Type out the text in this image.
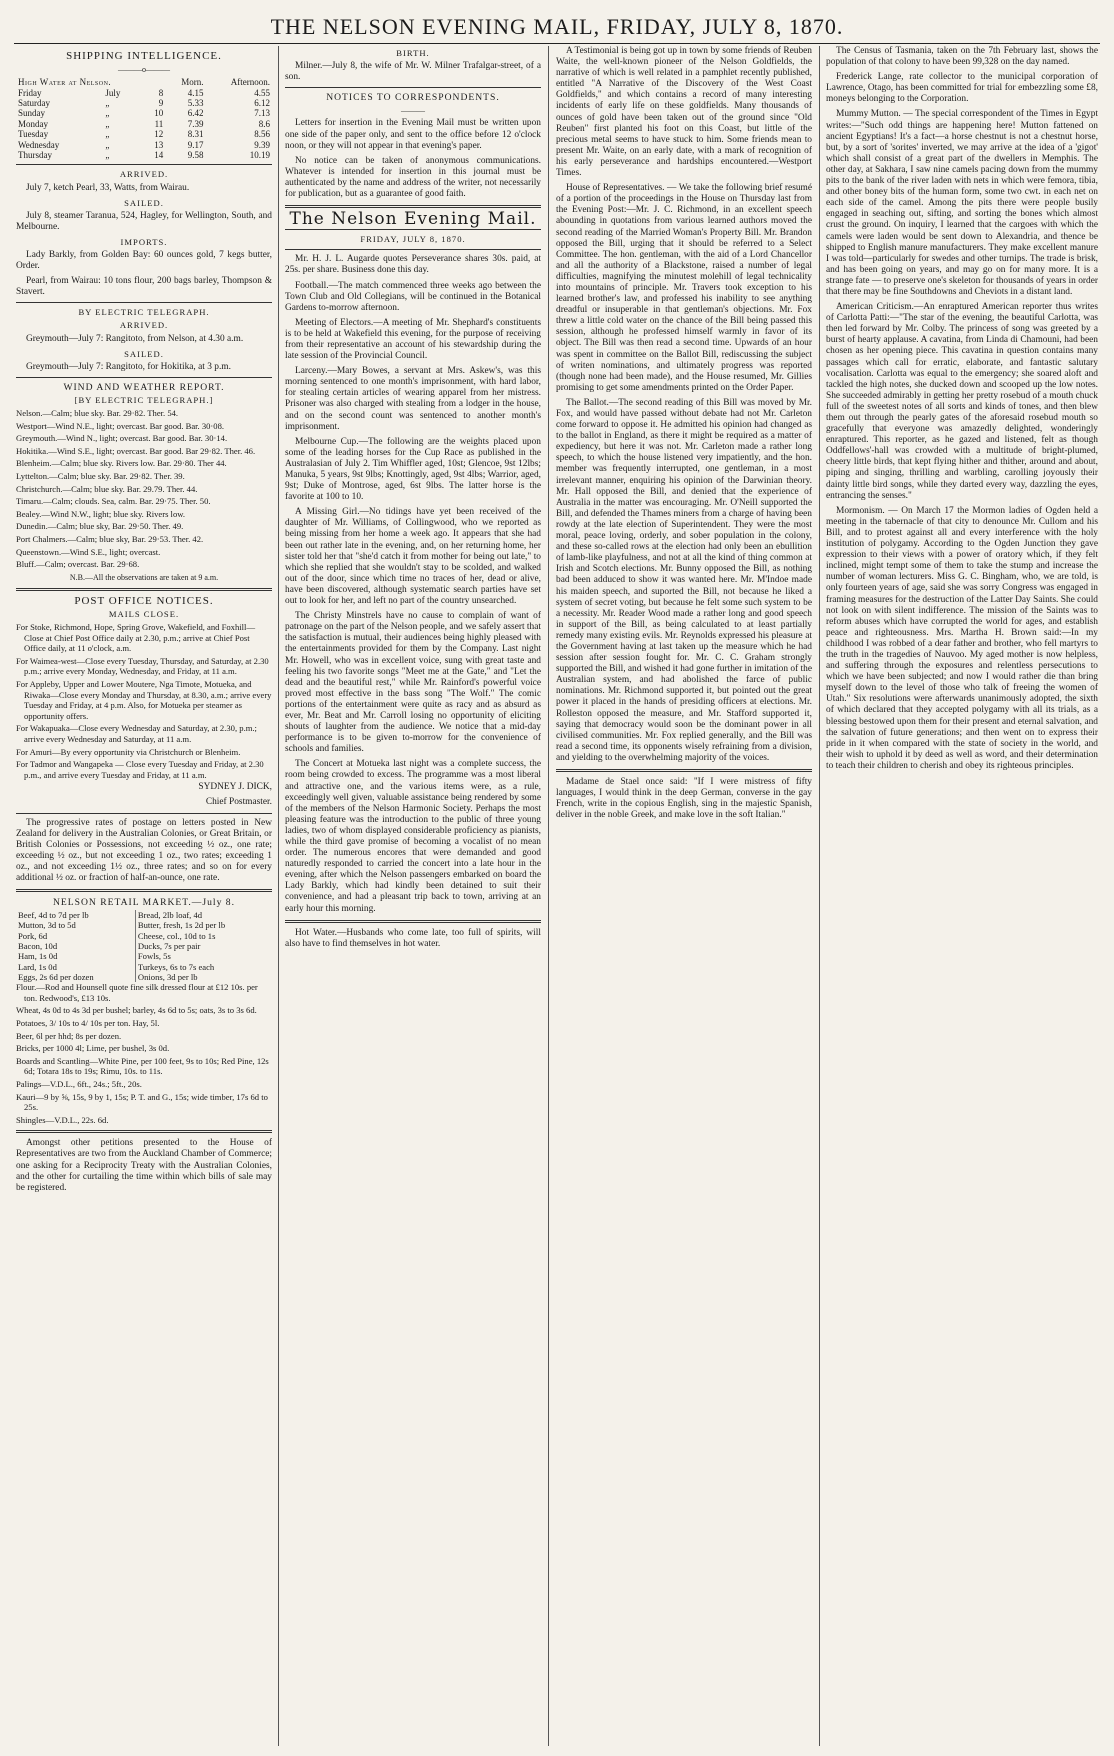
THE NELSON EVENING MAIL, FRIDAY, JULY 8, 1870.
SHIPPING INTELLIGENCE.
———o———
High Water at Nelson.			Morn.	Afternoon.
Friday	July	8	4.15	4.55
Saturday	„	9	5.33	6.12
Sunday	„	10	6.42	7.13
Monday	„	11	7.39	8.6
Tuesday	„	12	8.31	8.56
Wednesday	„	13	9.17	9.39
Thursday	„	14	9.58	10.19
ARRIVED.

July 7, ketch Pearl, 33, Watts, from Wairau.

SAILED.

July 8, steamer Taranua, 524, Hagley, for Wellington, South, and Melbourne.

IMPORTS.

Lady Barkly, from Golden Bay: 60 ounces gold, 7 kegs butter, Order.

Pearl, from Wairau: 10 tons flour, 200 bags barley, Thompson & Stavert.

BY ELECTRIC TELEGRAPH.
ARRIVED.

Greymouth—July 7: Rangitoto, from Nelson, at 4.30 a.m.

SAILED.

Greymouth—July 7: Rangitoto, for Hokitika, at 3 p.m.

WIND AND WEATHER REPORT.
[BY ELECTRIC TELEGRAPH.]

Nelson.—Calm; blue sky. Bar. 29·82. Ther. 54.

Westport—Wind N.E., light; overcast. Bar good. Bar. 30·08.

Greymouth.—Wind N., light; overcast. Bar good. Bar. 30·14.

Hokitika.—Wind S.E., light; overcast. Bar good. Bar 29·82. Ther. 46.

Blenheim.—Calm; blue sky. Rivers low. Bar. 29·80. Ther 44.

Lyttelton.—Calm; blue sky. Bar. 29·82. Ther. 39.

Christchurch.—Calm; blue sky. Bar. 29.79. Ther. 44.

Timaru.—Calm; clouds. Sea, calm. Bar. 29·75. Ther. 50.

Bealey.—Wind N.W., light; blue sky. Rivers low.

Dunedin.—Calm; blue sky, Bar. 29·50. Ther. 49.

Port Chalmers.—Calm; blue sky, Bar. 29·53. Ther. 42.

Queenstown.—Wind S.E., light; overcast.

Bluff.—Calm; overcast. Bar. 29·68.

N.B.—All the observations are taken at 9 a.m.

POST OFFICE NOTICES.
MAILS CLOSE.

For Stoke, Richmond, Hope, Spring Grove, Wakefield, and Foxhill—Close at Chief Post Office daily at 2.30, p.m.; arrive at Chief Post Office daily, at 11 o'clock, a.m.

For Waimea-west—Close every Tuesday, Thursday, and Saturday, at 2.30 p.m.; arrive every Monday, Wednesday, and Friday, at 11 a.m.

For Appleby, Upper and Lower Moutere, Nga Timote, Motueka, and Riwaka—Close every Monday and Thursday, at 8.30, a.m.; arrive every Tuesday and Friday, at 4 p.m. Also, for Motueka per steamer as opportunity offers.

For Wakapuaka—Close every Wednesday and Saturday, at 2.30, p.m.; arrive every Wednesday and Saturday, at 11 a.m.

For Amuri—By every opportunity via Christchurch or Blenheim.

For Tadmor and Wangapeka — Close every Tuesday and Friday, at 2.30 p.m., and arrive every Tuesday and Friday, at 11 a.m.

SYDNEY J. DICK,

Chief Postmaster.

The progressive rates of postage on letters posted in New Zealand for delivery in the Australian Colonies, or Great Britain, or British Colonies or Possessions, not exceeding ½ oz., one rate; exceeding ½ oz., but not exceeding 1 oz., two rates; exceeding 1 oz., and not exceeding 1½ oz., three rates; and so on for every additional ½ oz. or fraction of half-an-ounce, one rate.

NELSON RETAIL MARKET.—July 8.
Beef, 4d to 7d per lb	Bread, 2lb loaf, 4d
Mutton, 3d to 5d	Butter, fresh, 1s 2d per lb
Pork, 6d	Cheese, col., 10d to 1s
Bacon, 10d	Ducks, 7s per pair
Ham, 1s 0d	Fowls, 5s
Lard, 1s 0d	Turkeys, 6s to 7s each
Eggs, 2s 6d per dozen	Onions, 3d per lb

Flour.—Rod and Hounsell quote fine silk dressed flour at £12 10s. per ton. Redwood's, £13 10s.

Wheat, 4s 0d to 4s 3d per bushel; barley, 4s 6d to 5s; oats, 3s to 3s 6d.

Potatoes, 3/ 10s to 4/ 10s per ton. Hay, 5l.

Beer, 6l per hhd; 8s per dozen.

Bricks, per 1000 4l; Lime, per bushel, 3s 0d.

Boards and Scantling—White Pine, per 100 feet, 9s to 10s; Red Pine, 12s 6d; Totara 18s to 19s; Rimu, 10s. to 11s.

Palings—V.D.L., 6ft., 24s.; 5ft., 20s.

Kauri—9 by ⅝, 15s, 9 by 1, 15s; P. T. and G., 15s; wide timber, 17s 6d to 25s.

Shingles—V.D.L., 22s. 6d.

Amongst other petitions presented to the House of Representatives are two from the Auckland Chamber of Commerce; one asking for a Reciprocity Treaty with the Australian Colonies, and the other for curtailing the time within which bills of sale may be registered.

BIRTH.

Milner.—July 8, the wife of Mr. W. Milner Trafalgar-street, of a son.

NOTICES TO CORRESPONDENTS.
———

Letters for insertion in the Evening Mail must be written upon one side of the paper only, and sent to the office before 12 o'clock noon, or they will not appear in that evening's paper.

No notice can be taken of anonymous communications. Whatever is intended for insertion in this journal must be authenticated by the name and address of the writer, not necessarily for publication, but as a guarantee of good faith.

The Nelson Evening Mail.
FRIDAY, JULY 8, 1870.

Mr. H. J. L. Augarde quotes Perseverance shares 30s. paid, at 25s. per share. Business done this day.

Football.—The match commenced three weeks ago between the Town Club and Old Collegians, will be continued in the Botanical Gardens to-morrow afternoon.

Meeting of Electors.—A meeting of Mr. Shephard's constituents is to be held at Wakefield this evening, for the purpose of receiving from their representative an account of his stewardship during the late session of the Provincial Council.

Larceny.—Mary Bowes, a servant at Mrs. Askew's, was this morning sentenced to one month's imprisonment, with hard labor, for stealing certain articles of wearing apparel from her mistress. Prisoner was also charged with stealing from a lodger in the house, and on the second count was sentenced to another month's imprisonment.

Melbourne Cup.—The following are the weights placed upon some of the leading horses for the Cup Race as published in the Australasian of July 2. Tim Whiffler aged, 10st; Glencoe, 9st 12lbs; Manuka, 5 years, 9st 9lbs; Knottingly, aged, 9st 4lbs; Warrior, aged, 9st; Duke of Montrose, aged, 6st 9lbs. The latter horse is the favorite at 100 to 10.

A Missing Girl.—No tidings have yet been received of the daughter of Mr. Williams, of Collingwood, who we reported as being missing from her home a week ago. It appears that she had been out rather late in the evening, and, on her returning home, her sister told her that "she'd catch it from mother for being out late," to which she replied that she wouldn't stay to be scolded, and walked out of the door, since which time no traces of her, dead or alive, have been discovered, although systematic search parties have set out to look for her, and left no part of the country unsearched.

The Christy Minstrels have no cause to complain of want of patronage on the part of the Nelson people, and we safely assert that the satisfaction is mutual, their audiences being highly pleased with the entertainments provided for them by the Company. Last night Mr. Howell, who was in excellent voice, sung with great taste and feeling his two favorite songs "Meet me at the Gate," and "Let the dead and the beautiful rest," while Mr. Rainford's powerful voice proved most effective in the bass song "The Wolf." The comic portions of the entertainment were quite as racy and as absurd as ever, Mr. Beat and Mr. Carroll losing no opportunity of eliciting shouts of laughter from the audience. We notice that a mid-day performance is to be given to-morrow for the convenience of schools and families.

The Concert at Motueka last night was a complete success, the room being crowded to excess. The programme was a most liberal and attractive one, and the various items were, as a rule, exceedingly well given, valuable assistance being rendered by some of the members of the Nelson Harmonic Society. Perhaps the most pleasing feature was the introduction to the public of three young ladies, two of whom displayed considerable proficiency as pianists, while the third gave promise of becoming a vocalist of no mean order. The numerous encores that were demanded and good naturedly responded to carried the concert into a late hour in the evening, after which the Nelson passengers embarked on board the Lady Barkly, which had kindly been detained to suit their convenience, and had a pleasant trip back to town, arriving at an early hour this morning.

Hot Water.—Husbands who come late, too full of spirits, will also have to find themselves in hot water.

A Testimonial is being got up in town by some friends of Reuben Waite, the well-known pioneer of the Nelson Goldfields, the narrative of which is well related in a pamphlet recently published, entitled "A Narrative of the Discovery of the West Coast Goldfields," and which contains a record of many interesting incidents of early life on these goldfields. Many thousands of ounces of gold have been taken out of the ground since "Old Reuben" first planted his foot on this Coast, but little of the precious metal seems to have stuck to him. Some friends mean to present Mr. Waite, on an early date, with a mark of recognition of his early perseverance and hardships encountered.—Westport Times.

House of Representatives. — We take the following brief resumé of a portion of the proceedings in the House on Thursday last from the Evening Post:—Mr. J. C. Richmond, in an excellent speech abounding in quotations from various learned authors moved the second reading of the Married Woman's Property Bill. Mr. Brandon opposed the Bill, urging that it should be referred to a Select Committee. The hon. gentleman, with the aid of a Lord Chancellor and all the authority of a Blackstone, raised a number of legal difficulties, magnifying the minutest molehill of legal technicality into mountains of principle. Mr. Travers took exception to his learned brother's law, and professed his inability to see anything dreadful or insuperable in that gentleman's objections. Mr. Fox threw a little cold water on the chance of the Bill being passed this session, although he professed himself warmly in favor of its object. The Bill was then read a second time. Upwards of an hour was spent in committee on the Ballot Bill, rediscussing the subject of writen nominations, and ultimately progress was reported (though none had been made), and the House resumed, Mr. Gillies promising to get some amendments printed on the Order Paper.

The Ballot.—The second reading of this Bill was moved by Mr. Fox, and would have passed without debate had not Mr. Carleton come forward to oppose it. He admitted his opinion had changed as to the ballot in England, as there it might be required as a matter of expediency, but here it was not. Mr. Carleton made a rather long speech, to which the house listened very impatiently, and the hon. member was frequently interrupted, one gentleman, in a most irrelevant manner, enquiring his opinion of the Darwinian theory. Mr. Hall opposed the Bill, and denied that the experience of Australia in the matter was encouraging. Mr. O'Neill supported the Bill, and defended the Thames miners from a charge of having been rowdy at the late election of Superintendent. They were the most moral, peace loving, orderly, and sober population in the colony, and these so-called rows at the election had only been an ebullition of lamb-like playfulness, and not at all the kind of thing common at Irish and Scotch elections. Mr. Bunny opposed the Bill, as nothing bad been adduced to show it was wanted here. Mr. M'Indoe made his maiden speech, and suported the Bill, not because he liked a system of secret voting, but because he felt some such system to be a necessity. Mr. Reader Wood made a rather long and good speech in support of the Bill, as being calculated to at least partially remedy many existing evils. Mr. Reynolds expressed his pleasure at the Government having at last taken up the measure which he had session after session fought for. Mr. C. C. Graham strongly supported the Bill, and wished it had gone further in imitation of the Australian system, and had abolished the farce of public nominations. Mr. Richmond supported it, but pointed out the great power it placed in the hands of presiding officers at elections. Mr. Rolleston opposed the measure, and Mr. Stafford supported it, saying that democracy would soon be the dominant power in all civilised communities. Mr. Fox replied generally, and the Bill was read a second time, its opponents wisely refraining from a division, and yielding to the overwhelming majority of the voices.

Madame de Stael once said: "If I were mistress of fifty languages, I would think in the deep German, converse in the gay French, write in the copious English, sing in the majestic Spanish, deliver in the noble Greek, and make love in the soft Italian."

The Census of Tasmania, taken on the 7th February last, shows the population of that colony to have been 99,328 on the day named.

Frederick Lange, rate collector to the municipal corporation of Lawrence, Otago, has been committed for trial for embezzling some £8, moneys belonging to the Corporation.

Mummy Mutton. — The special correspondent of the Times in Egypt writes:—"Such odd things are happening here! Mutton fattened on ancient Egyptians! It's a fact—a horse chestnut is not a chestnut horse, but, by a sort of 'sorites' inverted, we may arrive at the idea of a 'gigot' which shall consist of a great part of the dwellers in Memphis. The other day, at Sakhara, I saw nine camels pacing down from the mummy pits to the bank of the river laden with nets in which were femora, tibia, and other boney bits of the human form, some two cwt. in each net on each side of the camel. Among the pits there were people busily engaged in seaching out, sifting, and sorting the bones which almost crust the ground. On inquiry, I learned that the cargoes with which the camels were laden would be sent down to Alexandria, and thence be shipped to English manure manufacturers. They make excellent manure I was told—particularly for swedes and other turnips. The trade is brisk, and has been going on years, and may go on for many more. It is a strange fate — to preserve one's skeleton for thousands of years in order that there may be fine Southdowns and Cheviots in a distant land.

American Criticism.—An enraptured American reporter thus writes of Carlotta Patti:—"The star of the evening, the beautiful Carlotta, was then led forward by Mr. Colby. The princess of song was greeted by a burst of hearty applause. A cavatina, from Linda di Chamouni, had been chosen as her opening piece. This cavatina in question contains many passages which call for erratic, elaborate, and fantastic salutary vocalisation. Carlotta was equal to the emergency; she soared aloft and tackled the high notes, she ducked down and scooped up the low notes. She succeeded admirably in getting her pretty rosebud of a mouth chuck full of the sweetest notes of all sorts and kinds of tones, and then blew them out through the pearly gates of the aforesaid rosebud mouth so gracefully that everyone was amazedly delighted, wonderingly enraptured. This reporter, as he gazed and listened, felt as though Oddfellows'-hall was crowded with a multitude of bright-plumed, cheery little birds, that kept flying hither and thither, around and about, piping and singing, thrilling and warbling, carolling joyously their dainty little bird songs, while they darted every way, dazzling the eyes, entrancing the senses."

Mormonism. — On March 17 the Mormon ladies of Ogden held a meeting in the tabernacle of that city to denounce Mr. Cullom and his Bill, and to protest against all and every interference with the holy institution of polygamy. According to the Ogden Junction they gave expression to their views with a power of oratory which, if they felt inclined, might tempt some of them to take the stump and increase the number of woman lecturers. Miss G. C. Bingham, who, we are told, is only fourteen years of age, said she was sorry Congress was engaged in framing measures for the destruction of the Latter Day Saints. She could not look on with silent indifference. The mission of the Saints was to reform abuses which have corrupted the world for ages, and establish peace and righteousness. Mrs. Martha H. Brown said:—In my childhood I was robbed of a dear father and brother, who fell martyrs to the truth in the tragedies of Nauvoo. My aged mother is now helpless, and suffering through the exposures and relentless persecutions to which we have been subjected; and now I would rather die than bring myself down to the level of those who talk of freeing the women of Utah." Six resolutions were afterwards unanimously adopted, the sixth of which declared that they accepted polygamy with all its trials, as a blessing bestowed upon them for their present and eternal salvation, and the salvation of future generations; and then went on to express their pride in it when compared with the state of society in the world, and their wish to uphold it by deed as well as word, and their determination to teach their children to cherish and obey its righteous principles.
